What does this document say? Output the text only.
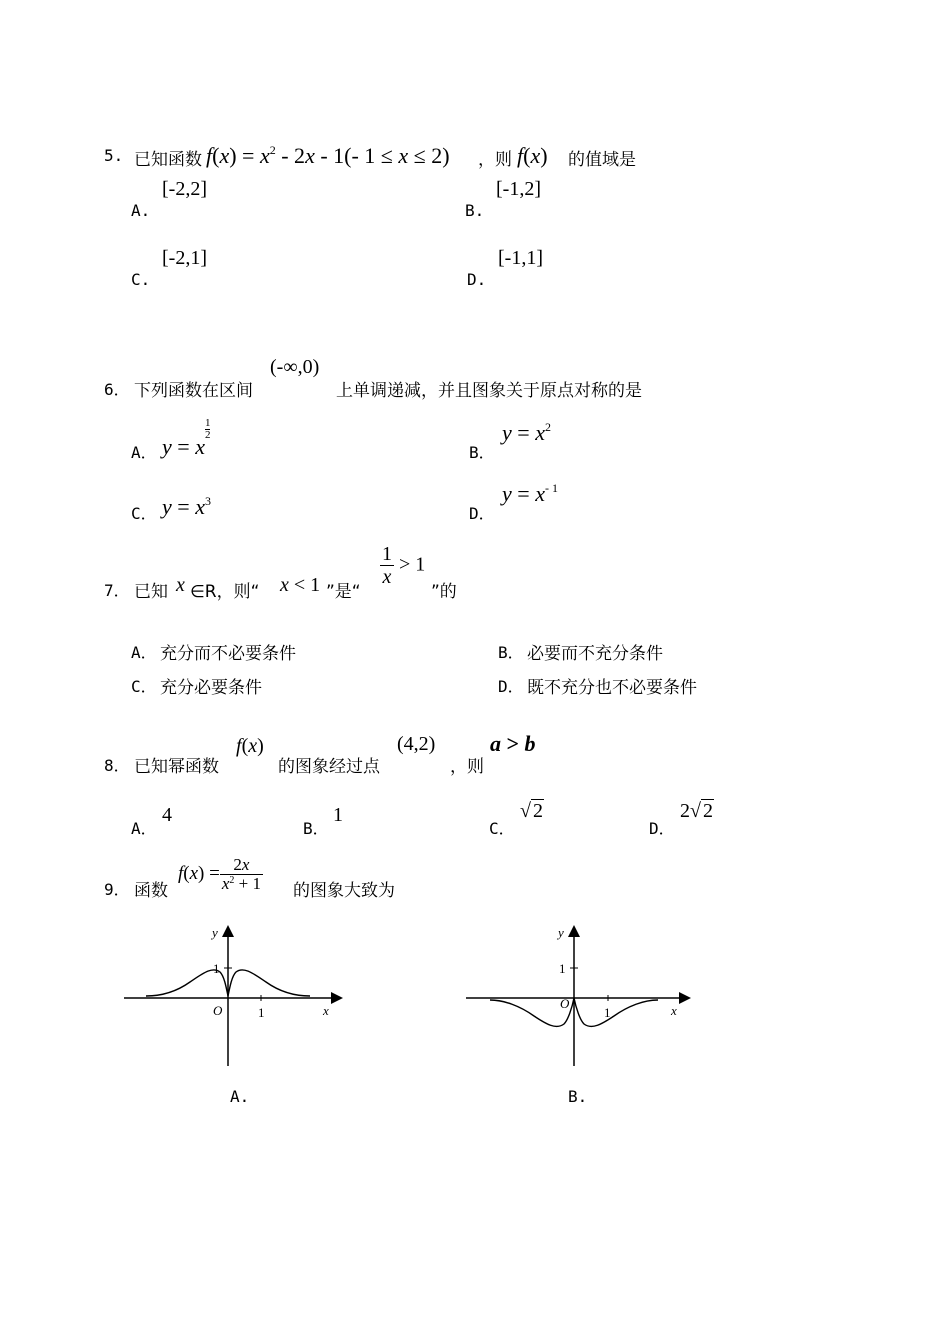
5. 已知函数 $f(x) = x^2 - 2x - 1(-$ 1 ≤ x ≤ 2) ，则 f(x) 的值域是
A.
[-2,2]
B.
[-1,2]
C.
[-2,1]
D.
[-1,1]
6． 下列函数在区间
(-∞,0)
上单调递减，并且图象关于原点对称的是
A． y = x
$\frac{1}{2}$
B．
$y = x^2$
C． $y = x^3$
D．
$y = x^{- 1}$
7． 已知 x ∈R，则“ x < 1 ”是“
$\frac{1}{x} > 1$
”的
A． 充分而不必要条件	B． 必要而不充分条件
C． 充分必要条件	D． 既不充分也不必要条件
8． 已知幂函数
f(x)
的图象经过点
(4,2)
，则
a > b
A．
4
B．
1
C．
√ 2
D．
2√ 2
9． 函数
$f(x) = \frac{2x}{x^2 + 1}$ 的图象大致为
y
1
O	1	x
A.
y
1
O
1	x
B.
